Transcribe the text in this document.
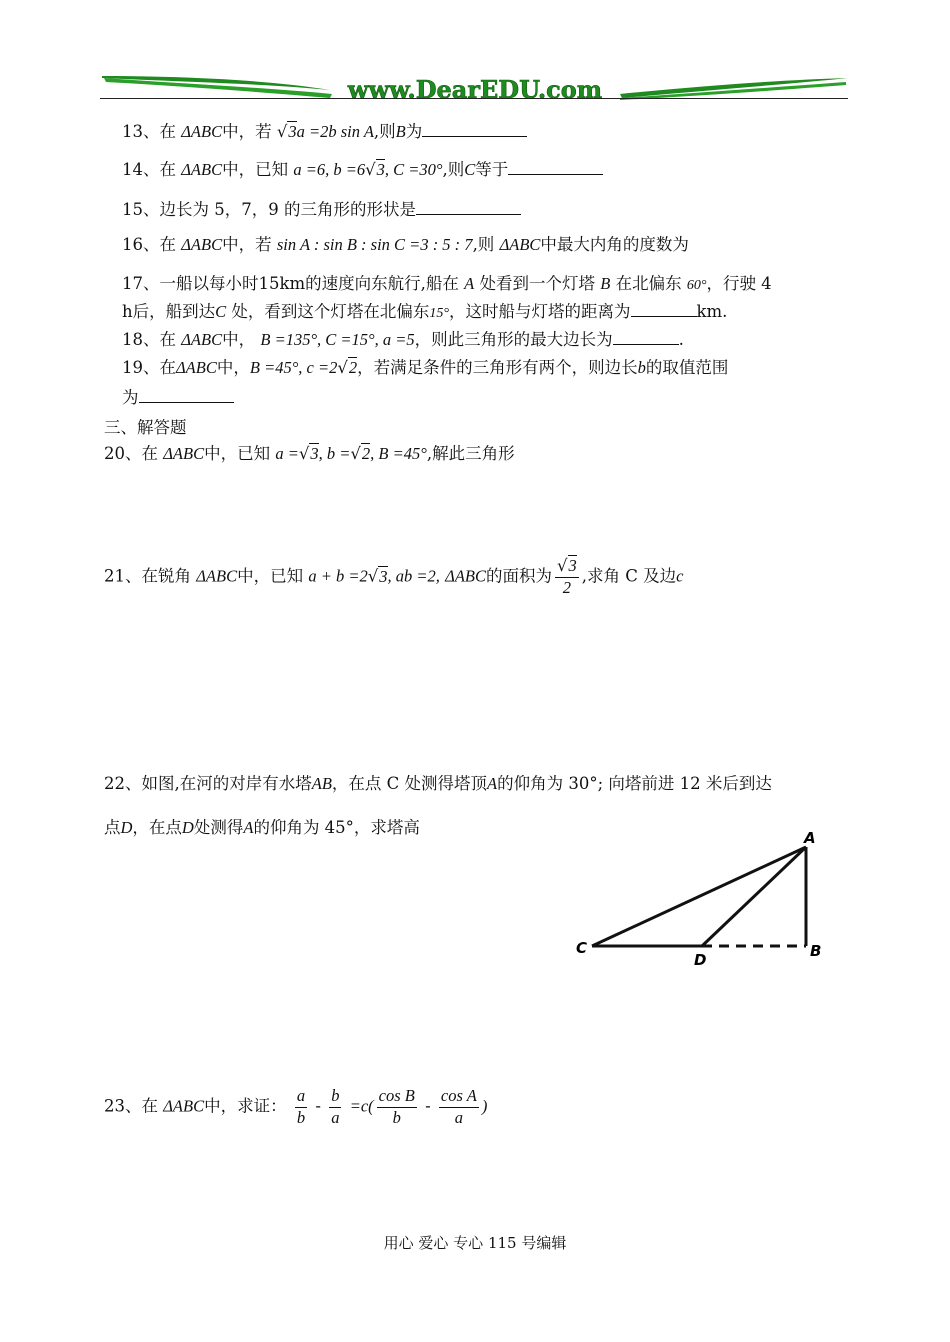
www.DearEDU.com
13、在 ΔABC中，若 √3a =2b sin A,则B为
14、在 ΔABC中，已知 a =6, b =6√3, C =30°,则C等于
15、边长为 5，7，9 的三角形的形状是
16、在 ΔABC中，若 sin A : sin B : sin C =3 : 5 : 7,则 ΔABC中最大内角的度数为
17、一船以每小时15km的速度向东航行,船在 A 处看到一个灯塔 B 在北偏东 60°，行驶 4
h后，船到达C 处，看到这个灯塔在北偏东15°，这时船与灯塔的距离为	km.
18、在 ΔABC中， B =135°, C =15°, a =5，则此三角形的最大边长为	.
19、在ΔABC中，B =45°, c =2√2，若满足条件的三角形有两个，则边长b的取值范围
为
三、解答题
20、在 ΔABC中，已知 a =√3, b =√2, B =45°,解此三角形
21、在锐角 ΔABC中，已知 a + b =2√3, ab =2, ΔABC的面积为 $\frac{√3}{2}$ ,求角 C 及边c
22、如图,在河的对岸有水塔AB，在点 C 处测得塔顶A的仰角为 30°; 向塔前进 12 米后到达
点D，在点D处测得A的仰角为 45°，求塔高
A
B
C
D
23、在 ΔABC中，求证： $\frac{a}{b} - \frac{b}{a} =c( \frac{\text{cos B}}{b} - \frac{\text{cos A}}{a}$ )
用心 爱心 专心 115 号编辑
